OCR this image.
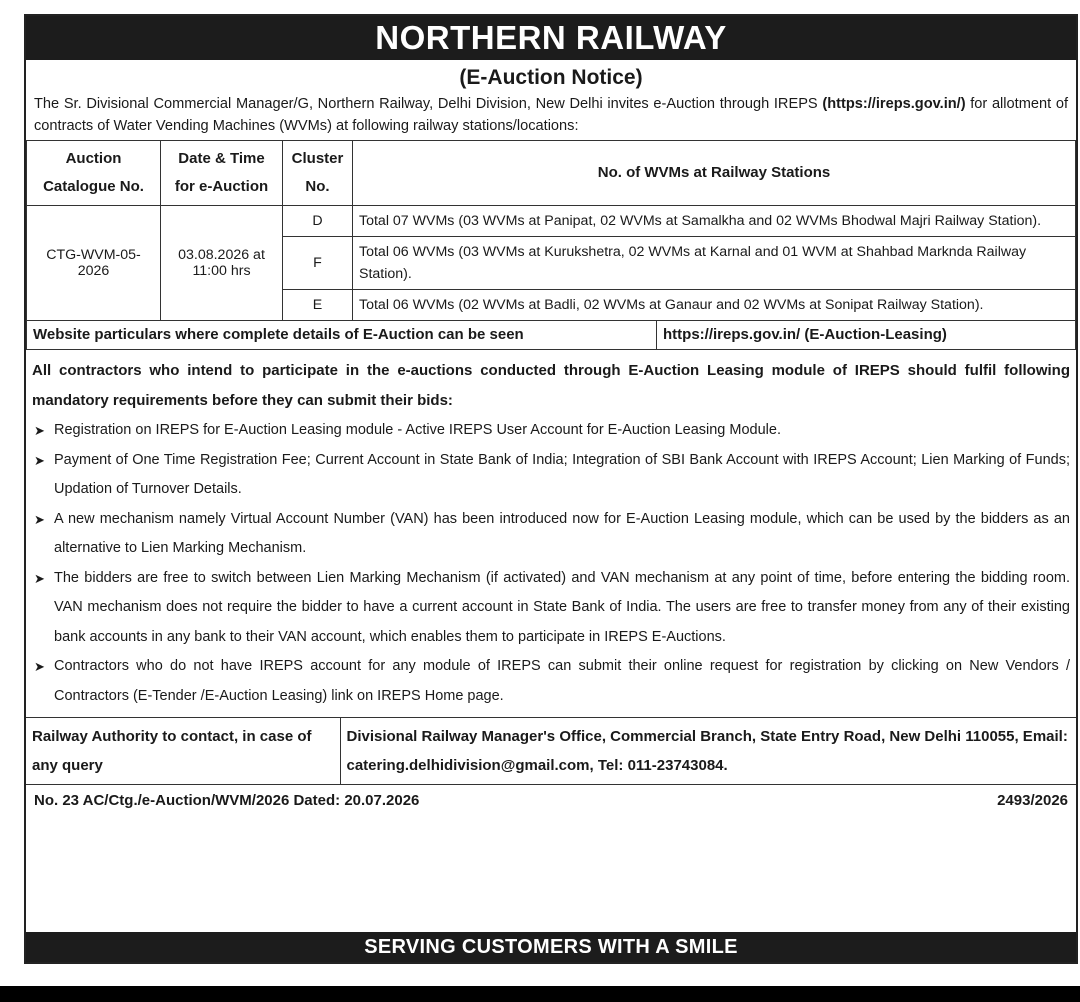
NORTHERN RAILWAY
(E-Auction Notice)
The Sr. Divisional Commercial Manager/G, Northern Railway, Delhi Division, New Delhi invites e-Auction through IREPS (https://ireps.gov.in/) for allotment of contracts of Water Vending Machines (WVMs) at following railway stations/locations:
Auction Catalogue No.	Date & Time for e-Auction	Cluster No.	No. of WVMs at Railway Stations
CTG-WVM-05-2026	03.08.2026 at 11:00 hrs	D	Total 07 WVMs (03 WVMs at Panipat, 02 WVMs at Samalkha and 02 WVMs Bhodwal Majri Railway Station).
		F	Total 06 WVMs (03 WVMs at Kurukshetra, 02 WVMs at Karnal and 01 WVM at Shahbad Marknda Railway Station).
		E	Total 06 WVMs (02 WVMs at Badli, 02 WVMs at Ganaur and 02 WVMs at Sonipat Railway Station).
Website particulars where complete details of E-Auction can be seen	https://ireps.gov.in/ (E-Auction-Leasing)
All contractors who intend to participate in the e-auctions conducted through E-Auction Leasing module of IREPS should fulfil following mandatory requirements before they can submit their bids:
➤ Registration on IREPS for E-Auction Leasing module - Active IREPS User Account for E-Auction Leasing Module.
➤ Payment of One Time Registration Fee; Current Account in State Bank of India; Integration of SBI Bank Account with IREPS Account; Lien Marking of Funds; Updation of Turnover Details.
➤ A new mechanism namely Virtual Account Number (VAN) has been introduced now for E-Auction Leasing module, which can be used by the bidders as an alternative to Lien Marking Mechanism.
➤ The bidders are free to switch between Lien Marking Mechanism (if activated) and VAN mechanism at any point of time, before entering the bidding room. VAN mechanism does not require the bidder to have a current account in State Bank of India. The users are free to transfer money from any of their existing bank accounts in any bank to their VAN account, which enables them to participate in IREPS E-Auctions.
➤ Contractors who do not have IREPS account for any module of IREPS can submit their online request for registration by clicking on New Vendors / Contractors (E-Tender /E-Auction Leasing) link on IREPS Home page.
Railway Authority to contact, in case of any query	Divisional Railway Manager's Office, Commercial Branch, State Entry Road, New Delhi 110055, Email: catering.delhidivision@gmail.com, Tel: 011-23743084.
No. 23 AC/Ctg./e-Auction/WVM/2026 Dated: 20.07.2026	2493/2026
SERVING CUSTOMERS WITH A SMILE
